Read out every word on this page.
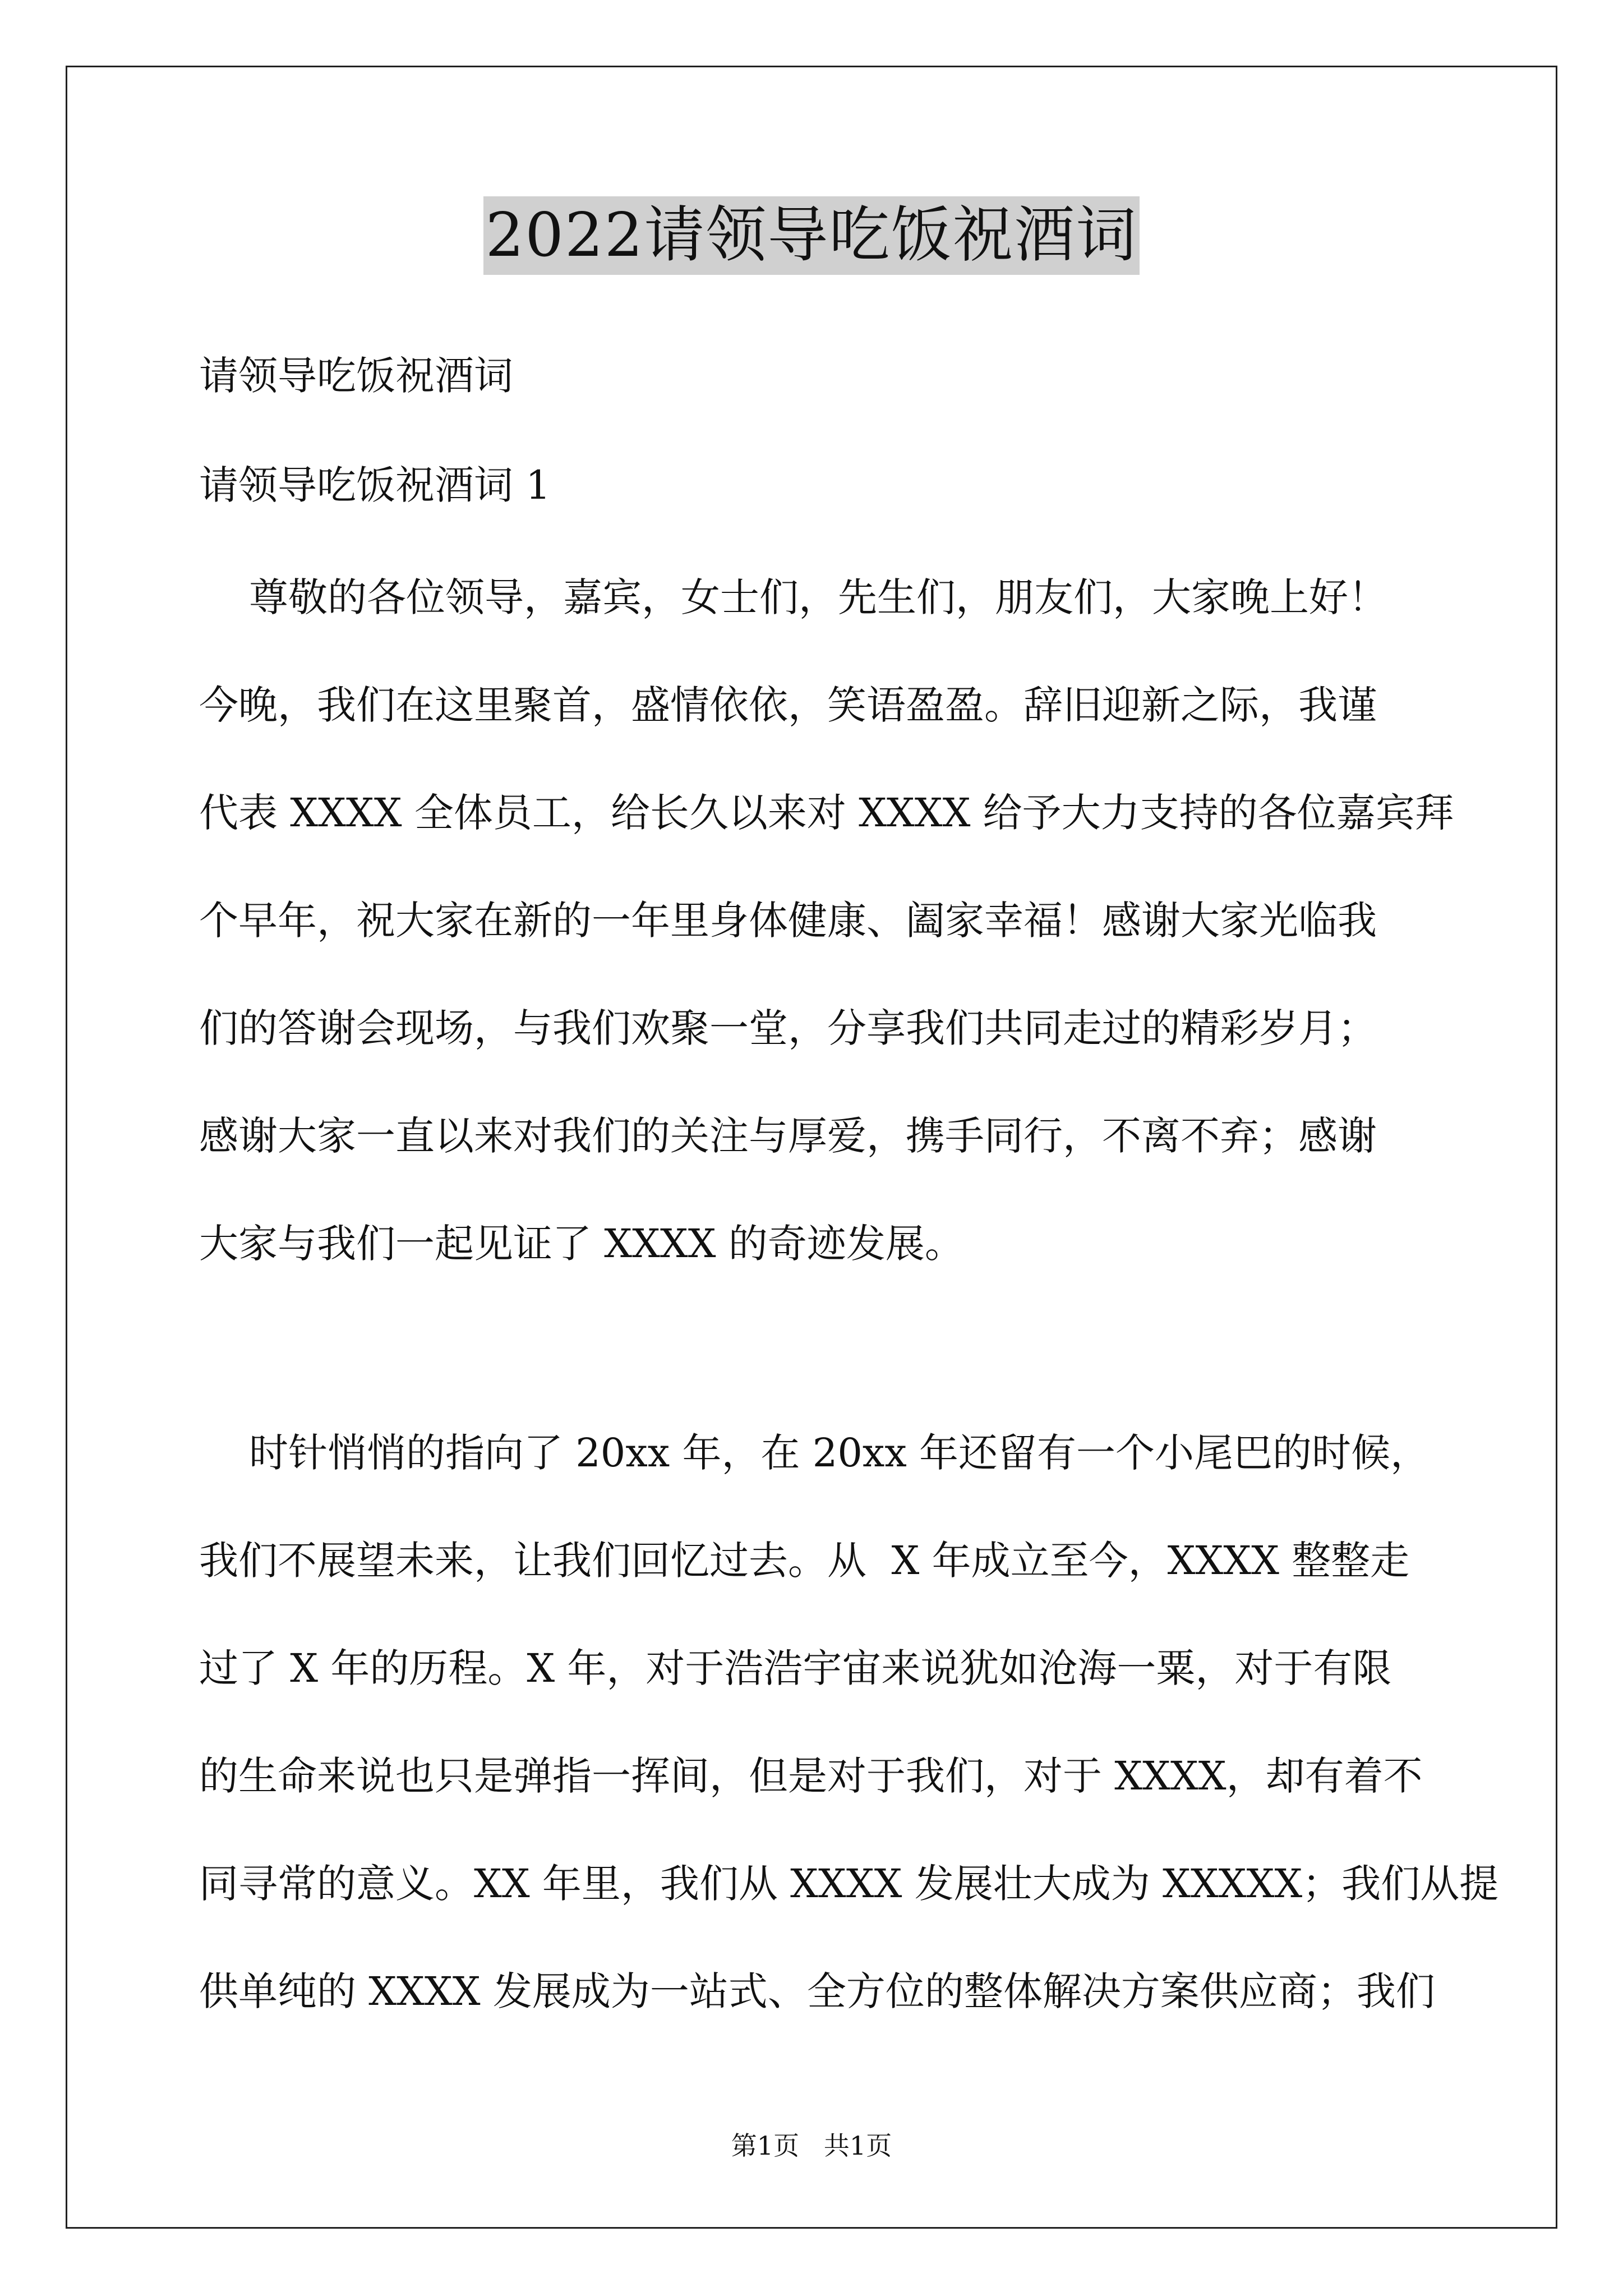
2022请领导吃饭祝酒词
请领导吃饭祝酒词
请领导吃饭祝酒词 1
尊敬的各位领导，嘉宾，女士们，先生们，朋友们，大家晚上好！
今晚，我们在这里聚首，盛情依依，笑语盈盈。辞旧迎新之际，我谨
代表 XXXX 全体员工，给长久以来对 XXXX 给予大力支持的各位嘉宾拜
个早年，祝大家在新的一年里身体健康、阖家幸福！感谢大家光临我
们的答谢会现场，与我们欢聚一堂，分享我们共同走过的精彩岁月；
感谢大家一直以来对我们的关注与厚爱，携手同行，不离不弃；感谢
大家与我们一起见证了 XXXX 的奇迹发展。
时针悄悄的指向了 20xx 年，在 20xx 年还留有一个小尾巴的时候，
我们不展望未来，让我们回忆过去。从  X 年成立至今，XXXX 整整走
过了 X 年的历程。X 年，对于浩浩宇宙来说犹如沧海一粟，对于有限
的生命来说也只是弹指一挥间，但是对于我们，对于 XXXX，却有着不
同寻常的意义。XX 年里，我们从 XXXX 发展壮大成为 XXXXX；我们从提
供单纯的 XXXX 发展成为一站式、全方位的整体解决方案供应商；我们
第1页   共1页
